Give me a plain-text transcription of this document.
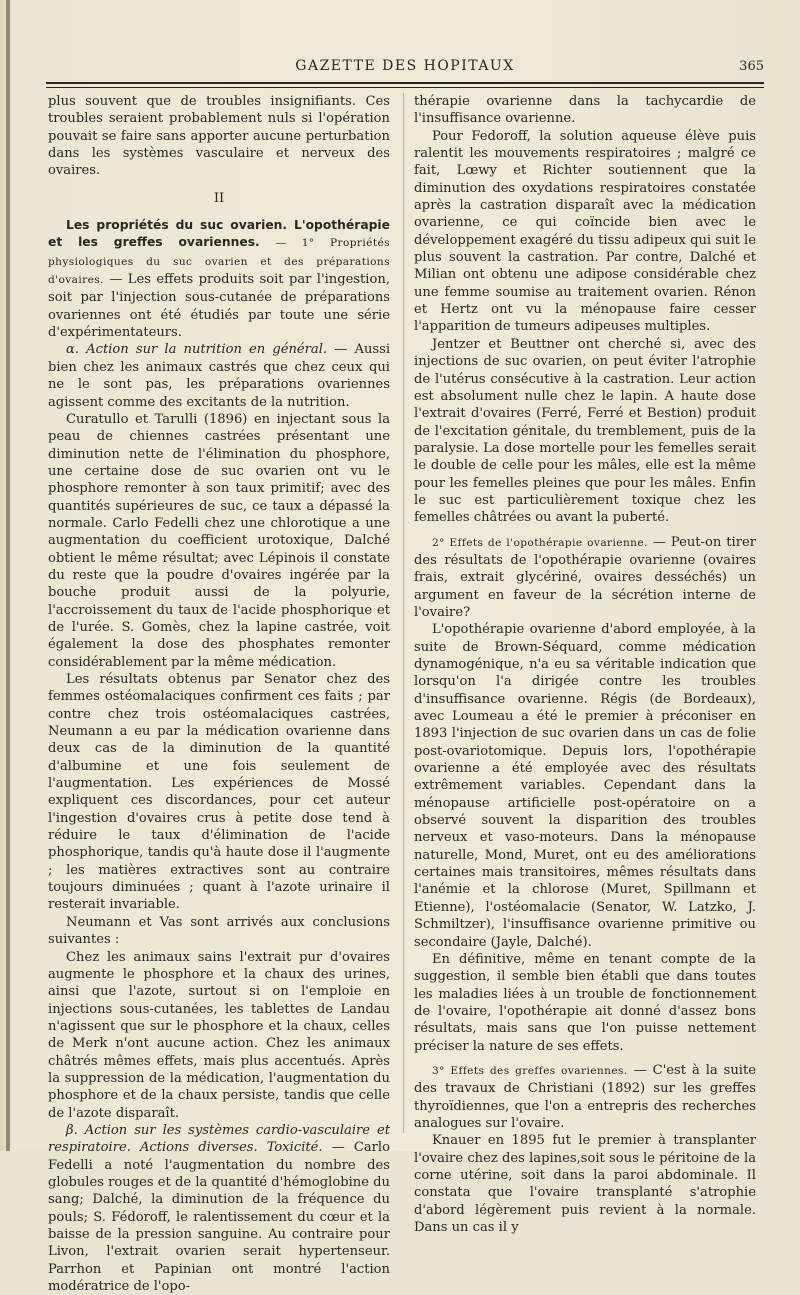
GAZETTE DES HOPITAUX	365

plus souvent que de troubles insignifiants. Ces troubles seraient probablement nuls si l'opération pouvait se faire sans apporter aucune perturbation dans les systèmes vasculaire et nerveux des ovaires.

II

Les propriétés du suc ovarien. L'opothérapie et les greffes ovariennes. — 1° Propriétés physiologiques du suc ovarien et des préparations d'ovaires. — Les effets produits soit par l'ingestion, soit par l'injection sous-cutanée de préparations ovariennes ont été étudiés par toute une série d'expérimentateurs.

α. Action sur la nutrition en général. — Aussi bien chez les animaux castrés que chez ceux qui ne le sont pas, les préparations ovariennes agissent comme des excitants de la nutrition.

Curatullo et Tarulli (1896) en injectant sous la peau de chiennes castrées présentant une diminution nette de l'élimination du phosphore, une certaine dose de suc ovarien ont vu le phosphore remonter à son taux primitif; avec des quantités supérieures de suc, ce taux a dépassé la normale. Carlo Fedelli chez une chlorotique a une augmentation du coefficient urotoxique, Dalché obtient le même résultat; avec Lépinois il constate du reste que la poudre d'ovaires ingérée par la bouche produit aussi de la polyurie, l'accroissement du taux de l'acide phosphorique et de l'urée. S. Gomès, chez la lapine castrée, voit également la dose des phosphates remonter considérablement par la même médication.

Les résultats obtenus par Senator chez des femmes ostéomalaciques confirment ces faits ; par contre chez trois ostéomalaciques castrées, Neumann a eu par la médication ovarienne dans deux cas de la diminution de la quantité d'albumine et une fois seulement de l'augmentation. Les expériences de Mossé expliquent ces discordances, pour cet auteur l'ingestion d'ovaires crus à petite dose tend à réduire le taux d'élimination de l'acide phosphorique, tandis qu'à haute dose il l'augmente ; les matières extractives sont au contraire toujours diminuées ; quant à l'azote urinaire il resterait invariable.

Neumann et Vas sont arrivés aux conclusions suivantes :

Chez les animaux sains l'extrait pur d'ovaires augmente le phosphore et la chaux des urines, ainsi que l'azote, surtout si on l'emploie en injections sous-cutanées, les tablettes de Landau n'agissent que sur le phosphore et la chaux, celles de Merk n'ont aucune action. Chez les animaux châtrés mêmes effets, mais plus accentués. Après la suppression de la médication, l'augmentation du phosphore et de la chaux persiste, tandis que celle de l'azote disparaît.

β. Action sur les systèmes cardio-vasculaire et respiratoire. Actions diverses. Toxicité. — Carlo Fedelli a noté l'augmentation du nombre des globules rouges et de la quantité d'hémoglobine du sang; Dalché, la diminution de la fréquence du pouls; S. Fédoroff, le ralentissement du cœur et la baisse de la pression sanguine. Au contraire pour Livon, l'extrait ovarien serait hypertenseur. Parrhon et Papinian ont montré l'action modératrice de l'opo-

thérapie ovarienne dans la tachycardie de l'insuffisance ovarienne.

Pour Fedoroff, la solution aqueuse élève puis ralentit les mouvements respiratoires ; malgré ce fait, Lœwy et Richter soutiennent que la diminution des oxydations respiratoires constatée après la castration disparaît avec la médication ovarienne, ce qui coïncide bien avec le développement exagéré du tissu adipeux qui suit le plus souvent la castration. Par contre, Dalché et Milian ont obtenu une adipose considérable chez une femme soumise au traitement ovarien. Rénon et Hertz ont vu la ménopause faire cesser l'apparition de tumeurs adipeuses multiples.

Jentzer et Beuttner ont cherché si, avec des injections de suc ovarien, on peut éviter l'atrophie de l'utérus consécutive à la castration. Leur action est absolument nulle chez le lapin. A haute dose l'extrait d'ovaires (Ferré, Ferré et Bestion) produit de l'excitation génitale, du tremblement, puis de la paralysie. La dose mortelle pour les femelles serait le double de celle pour les mâles, elle est la même pour les femelles pleines que pour les mâles. Enfin le suc est particulièrement toxique chez les femelles châtrées ou avant la puberté.

2° Effets de l'opothérapie ovarienne. — Peut-on tirer des résultats de l'opothérapie ovarienne (ovaires frais, extrait glycériné, ovaires desséchés) un argument en faveur de la sécrétion interne de l'ovaire?

L'opothérapie ovarienne d'abord employée, à la suite de Brown-Séquard, comme médication dynamogénique, n'a eu sa véritable indication que lorsqu'on l'a dirigée contre les troubles d'insuffisance ovarienne. Régis (de Bordeaux), avec Loumeau a été le premier à préconiser en 1893 l'injection de suc ovarien dans un cas de folie post-ovariotomique. Depuis lors, l'opothérapie ovarienne a été employée avec des résultats extrêmement variables. Cependant dans la ménopause artificielle post-opératoire on a observé souvent la disparition des troubles nerveux et vaso-moteurs. Dans la ménopause naturelle, Mond, Muret, ont eu des améliorations certaines mais transitoires, mêmes résultats dans l'anémie et la chlorose (Muret, Spillmann et Etienne), l'ostéomalacie (Senator, W. Latzko, J. Schmiltzer), l'insuffisance ovarienne primitive ou secondaire (Jayle, Dalché).

En définitive, même en tenant compte de la suggestion, il semble bien établi que dans toutes les maladies liées à un trouble de fonctionnement de l'ovaire, l'opothérapie ait donné d'assez bons résultats, mais sans que l'on puisse nettement préciser la nature de ses effets.

3° Effets des greffes ovariennes. — C'est à la suite des travaux de Christiani (1892) sur les greffes thyroïdiennes, que l'on a entrepris des recherches analogues sur l'ovaire.

Knauer en 1895 fut le premier à transplanter l'ovaire chez des lapines,soit sous le péritoine de la corne utérine, soit dans la paroi abdominale. Il constata que l'ovaire transplanté s'atrophie d'abord légèrement puis revient à la normale. Dans un cas il y
